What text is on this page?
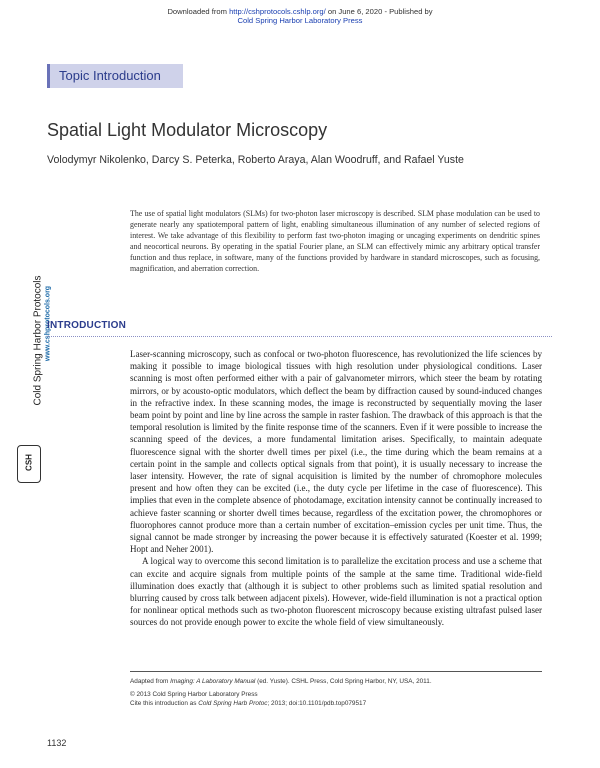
Downloaded from http://cshprotocols.cshlp.org/ on June 6, 2020 - Published by
Cold Spring Harbor Laboratory Press
Topic Introduction
Spatial Light Modulator Microscopy
Volodymyr Nikolenko, Darcy S. Peterka, Roberto Araya, Alan Woodruff, and Rafael Yuste
The use of spatial light modulators (SLMs) for two-photon laser microscopy is described. SLM phase modulation can be used to generate nearly any spatiotemporal pattern of light, enabling simultaneous illumination of any number of selected regions of interest. We take advantage of this flexibility to perform fast two-photon imaging or uncaging experiments on dendritic spines and neocortical neurons. By operating in the spatial Fourier plane, an SLM can effectively mimic any arbitrary optical transfer function and thus replace, in software, many of the functions provided by hardware in standard microscopes, such as focusing, magnification, and aberration correction.
Cold Spring Harbor Protocols www.cshprotocols.org
CSH
INTRODUCTION

Laser-scanning microscopy, such as confocal or two-photon fluorescence, has revolutionized the life sciences by making it possible to image biological tissues with high resolution under physiological conditions. Laser scanning is most often performed either with a pair of galvanometer mirrors, which steer the beam by rotating mirrors, or by acousto-optic modulators, which deflect the beam by diffraction caused by sound-induced changes in the refractive index. In these scanning modes, the image is reconstructed by sequentially moving the laser beam point by point and line by line across the sample in raster fashion. The drawback of this approach is that the temporal resolution is limited by the finite response time of the scanners. Even if it were possible to increase the scanning speed of the devices, a more fundamental limitation arises. Specifically, to maintain adequate fluorescence signal with the shorter dwell times per pixel (i.e., the time during which the beam remains at a certain point in the sample and collects optical signals from that point), it is usually necessary to increase the laser intensity. However, the rate of signal acquisition is limited by the number of chromophore molecules present and how often they can be excited (i.e., the duty cycle per lifetime in the case of fluorescence). This implies that even in the complete absence of photodamage, excitation intensity cannot be continually increased to achieve faster scanning or shorter dwell times because, regardless of the excitation power, the chromophores or fluorophores cannot produce more than a certain number of excitation–emission cycles per unit time. Thus, the signal cannot be made stronger by increasing the power because it is effectively saturated (Koester et al. 1999; Hopt and Neher 2001).

A logical way to overcome this second limitation is to parallelize the excitation process and use a scheme that can excite and acquire signals from multiple points of the sample at the same time. Traditional wide-field illumination does exactly that (although it is subject to other problems such as limited spatial resolution and blurring caused by cross talk between adjacent pixels). However, wide-field illumination is not a practical option for nonlinear optical methods such as two-photon fluorescent microscopy because existing ultrafast pulsed laser sources do not provide enough power to excite the whole field of view simultaneously.

Adapted from Imaging: A Laboratory Manual (ed. Yuste). CSHL Press, Cold Spring Harbor, NY, USA, 2011.
© 2013 Cold Spring Harbor Laboratory Press
Cite this introduction as Cold Spring Harb Protoc; 2013; doi:10.1101/pdb.top079517
1132
